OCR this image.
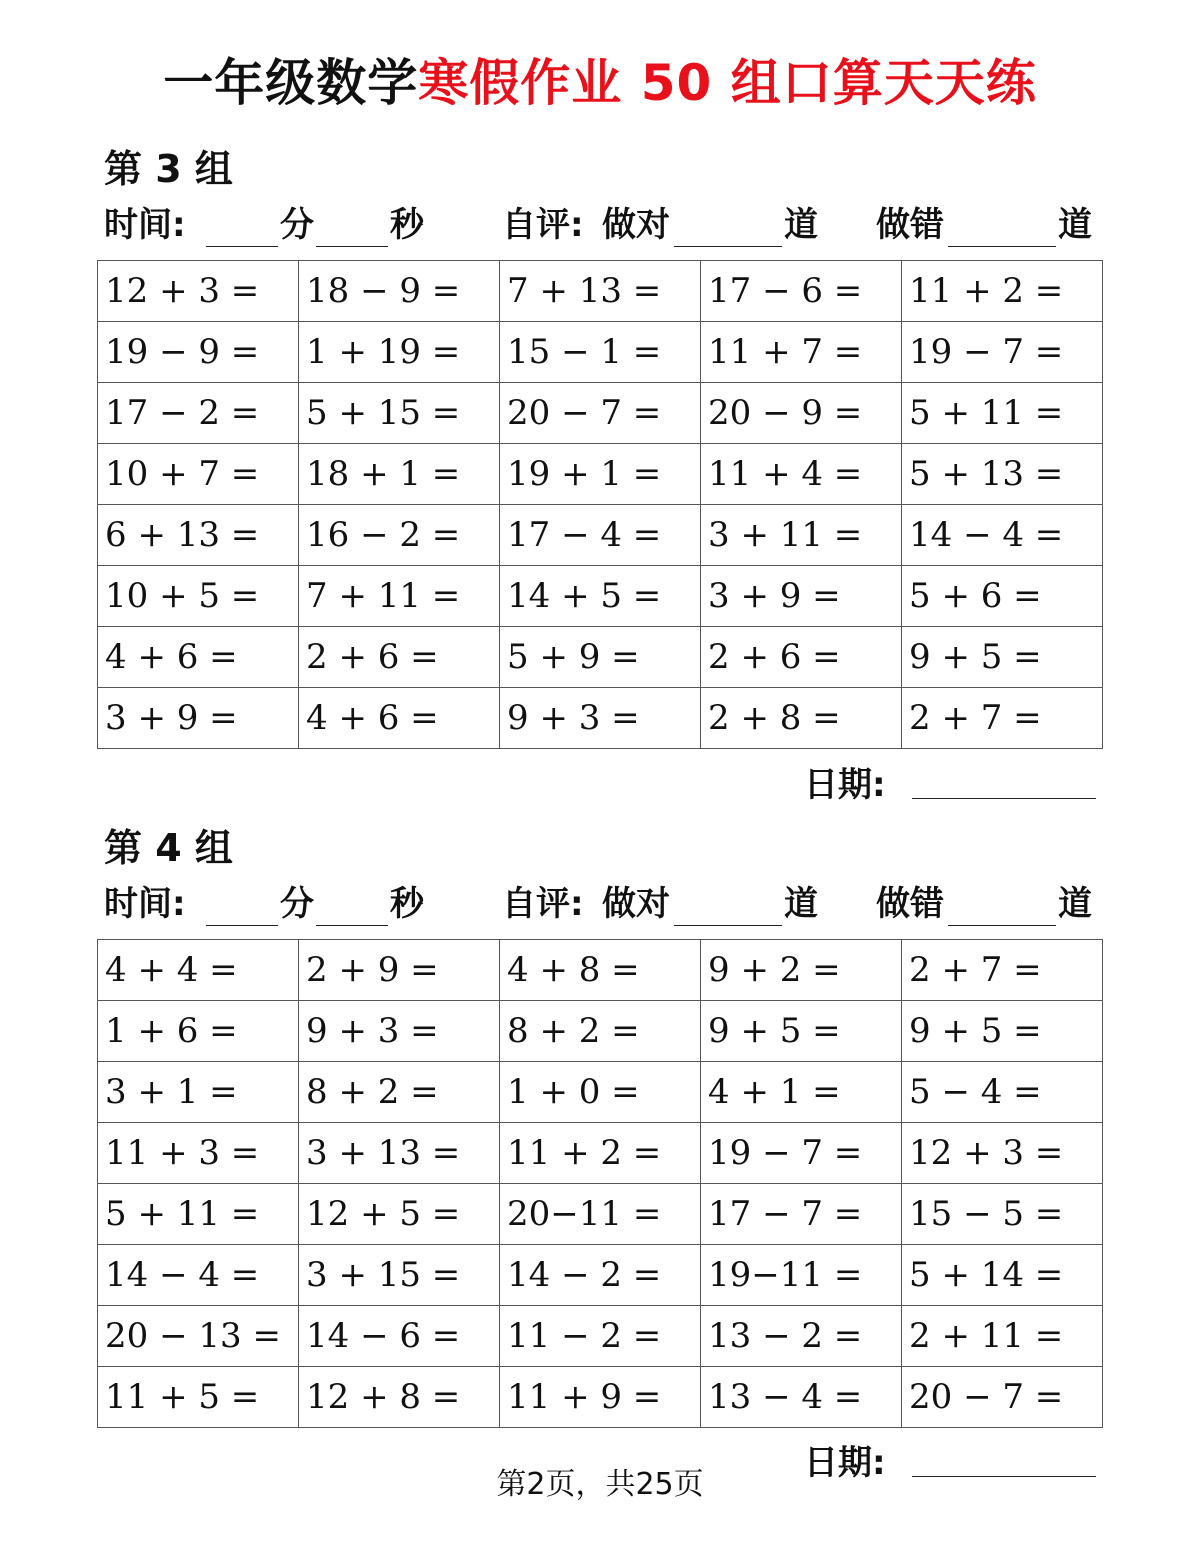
一年级数学寒假作业 50 组口算天天练
第 3 组
时间:	分 秒 自评: 做对	道 做错	道
12 + 3 =	18 − 9 =	7 + 13 =	17 − 6 =	11 + 2 =
19 − 9 =	1 + 19 =	15 − 1 =	11 + 7 =	19 − 7 =
17 − 2 =	5 + 15 =	20 − 7 =	20 − 9 =	5 + 11 =
10 + 7 =	18 + 1 =	19 + 1 =	11 + 4 =	5 + 13 =
6 + 13 =	16 − 2 =	17 − 4 =	3 + 11 =	14 − 4 =
10 + 5 =	7 + 11 =	14 + 5 =	3 + 9 =	5 + 6 =
4 + 6 =	2 + 6 =	5 + 9 =	2 + 6 =	9 + 5 =
3 + 9 =	4 + 6 =	9 + 3 =	2 + 8 =	2 + 7 =
日期:
第 4 组
时间:	分 秒 自评: 做对	道 做错	道
4 + 4 =	2 + 9 =	4 + 8 =	9 + 2 =	2 + 7 =
1 + 6 =	9 + 3 =	8 + 2 =	9 + 5 =	9 + 5 =
3 + 1 =	8 + 2 =	1 + 0 =	4 + 1 =	5 − 4 =
11 + 3 =	3 + 13 =	11 + 2 =	19 − 7 =	12 + 3 =
5 + 11 =	12 + 5 =	20−11 =	17 − 7 =	15 − 5 =
14 − 4 =	3 + 15 =	14 − 2 =	19−11 =	5 + 14 =
20 − 13 =	14 − 6 =	11 − 2 =	13 − 2 =	2 + 11 =
11 + 5 =	12 + 8 =	11 + 9 =	13 − 4 =	20 − 7 =
日期:
第2页，共25页
